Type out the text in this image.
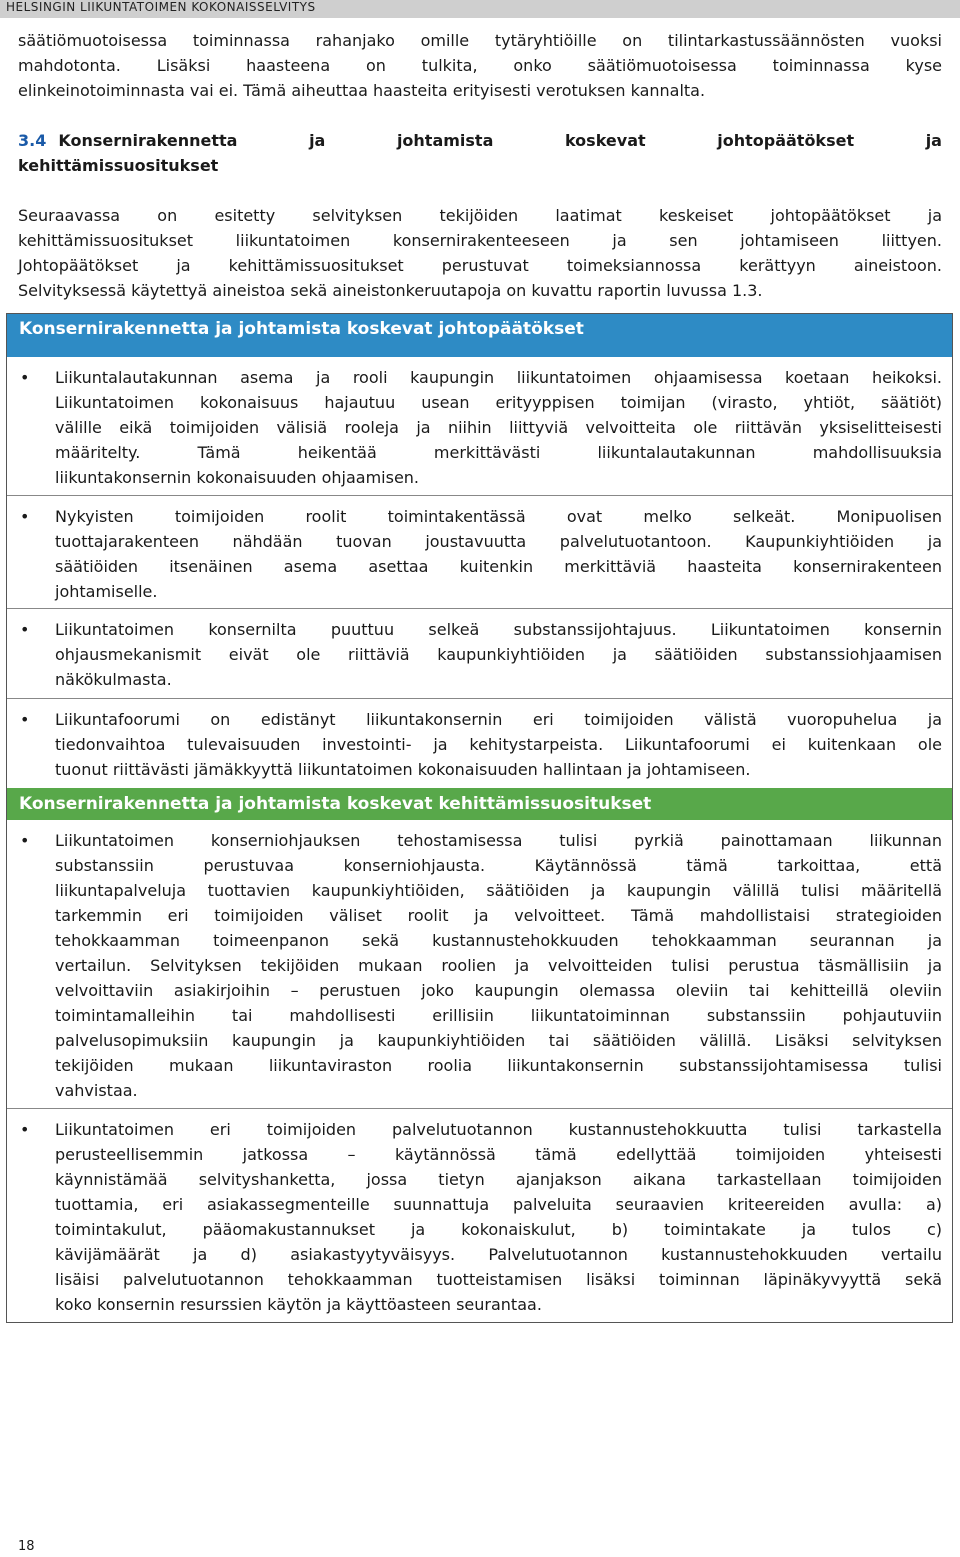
HELSINGIN LIIKUNTATOIMEN KOKONAISSELVITYS

säätiömuotoisessa toiminnassa rahanjako omille tytäryhtiöille on tilintarkastussäännösten vuoksi
mahdotonta. Lisäksi haasteena on tulkita, onko säätiömuotoisessa toiminnassa kyse
elinkeinotoiminnasta vai ei. Tämä aiheuttaa haasteita erityisesti verotuksen kannalta.

3.4 Konsernirakennetta	ja	johtamista	koskevat	johtopäätökset	ja
kehittämissuositukset

Seuraavassa on esitetty selvityksen tekijöiden laatimat keskeiset johtopäätökset ja
kehittämissuositukset liikuntatoimen konsernirakenteeseen ja sen johtamiseen liittyen.
Johtopäätökset ja kehittämissuositukset perustuvat toimeksiannossa kerättyyn aineistoon.
Selvityksessä käytettyä aineistoa sekä aineistonkeruutapoja on kuvattu raportin luvussa 1.3.

Konsernirakennetta ja johtamista koskevat johtopäätökset
• Liikuntalautakunnan asema ja rooli kaupungin liikuntatoimen ohjaamisessa koetaan heikoksi.
Liikuntatoimen kokonaisuus hajautuu usean erityyppisen toimijan (virasto, yhtiöt, säätiöt)
välille eikä toimijoiden välisiä rooleja ja niihin liittyviä velvoitteita ole riittävän yksiselitteisesti
määritelty. Tämä heikentää merkittävästi liikuntalautakunnan mahdollisuuksia
liikuntakonsernin kokonaisuuden ohjaamisen.

• Nykyisten toimijoiden roolit toimintakentässä ovat melko selkeät. Monipuolisen
tuottajarakenteen nähdään tuovan joustavuutta palvelutuotantoon. Kaupunkiyhtiöiden ja
säätiöiden itsenäinen asema asettaa kuitenkin merkittäviä haasteita konsernirakenteen
johtamiselle.

• Liikuntatoimen konsernilta puuttuu selkeä substanssijohtajuus. Liikuntatoimen konsernin
ohjausmekanismit eivät ole riittäviä kaupunkiyhtiöiden ja säätiöiden substanssiohjaamisen
näkökulmasta.

• Liikuntafoorumi on edistänyt liikuntakonsernin eri toimijoiden välistä vuoropuhelua ja
tiedonvaihtoa tulevaisuuden investointi- ja kehitystarpeista. Liikuntafoorumi ei kuitenkaan ole
tuonut riittävästi jämäkkyyttä liikuntatoimen kokonaisuuden hallintaan ja johtamiseen.

Konsernirakennetta ja johtamista koskevat kehittämissuositukset
• Liikuntatoimen konserniohjauksen tehostamisessa tulisi pyrkiä painottamaan liikunnan
substanssiin perustuvaa konserniohjausta. Käytännössä tämä tarkoittaa, että
liikuntapalveluja tuottavien kaupunkiyhtiöiden, säätiöiden ja kaupungin välillä tulisi määritellä
tarkemmin eri toimijoiden väliset roolit ja velvoitteet. Tämä mahdollistaisi strategioiden
tehokkaamman toimeenpanon sekä kustannustehokkuuden tehokkaamman seurannan ja
vertailun. Selvityksen tekijöiden mukaan roolien ja velvoitteiden tulisi perustua täsmällisiin ja
velvoittaviin asiakirjoihin – perustuen joko kaupungin olemassa oleviin tai kehitteillä oleviin
toimintamalleihin tai mahdollisesti erillisiin liikuntatoiminnan substanssiin pohjautuviin
palvelusopimuksiin kaupungin ja kaupunkiyhtiöiden tai säätiöiden välillä. Lisäksi selvityksen
tekijöiden mukaan liikuntaviraston roolia liikuntakonsernin substanssijohtamisessa tulisi
vahvistaa.

• Liikuntatoimen eri toimijoiden palvelutuotannon kustannustehokkuutta tulisi tarkastella
perusteellisemmin jatkossa – käytännössä tämä edellyttää toimijoiden yhteisesti
käynnistämää selvityshanketta, jossa tietyn ajanjakson aikana tarkastellaan toimijoiden
tuottamia, eri asiakassegmenteille suunnattuja palveluita seuraavien kriteereiden avulla: a)
toimintakulut, pääomakustannukset ja kokonaiskulut, b) toimintakate ja tulos c)
kävijämäärät ja d) asiakastyytyväisyys. Palvelutuotannon kustannustehokkuuden vertailu
lisäisi palvelutuotannon tehokkaamman tuotteistamisen lisäksi toiminnan läpinäkyvyyttä sekä
koko konsernin resurssien käytön ja käyttöasteen seurantaa.

18
